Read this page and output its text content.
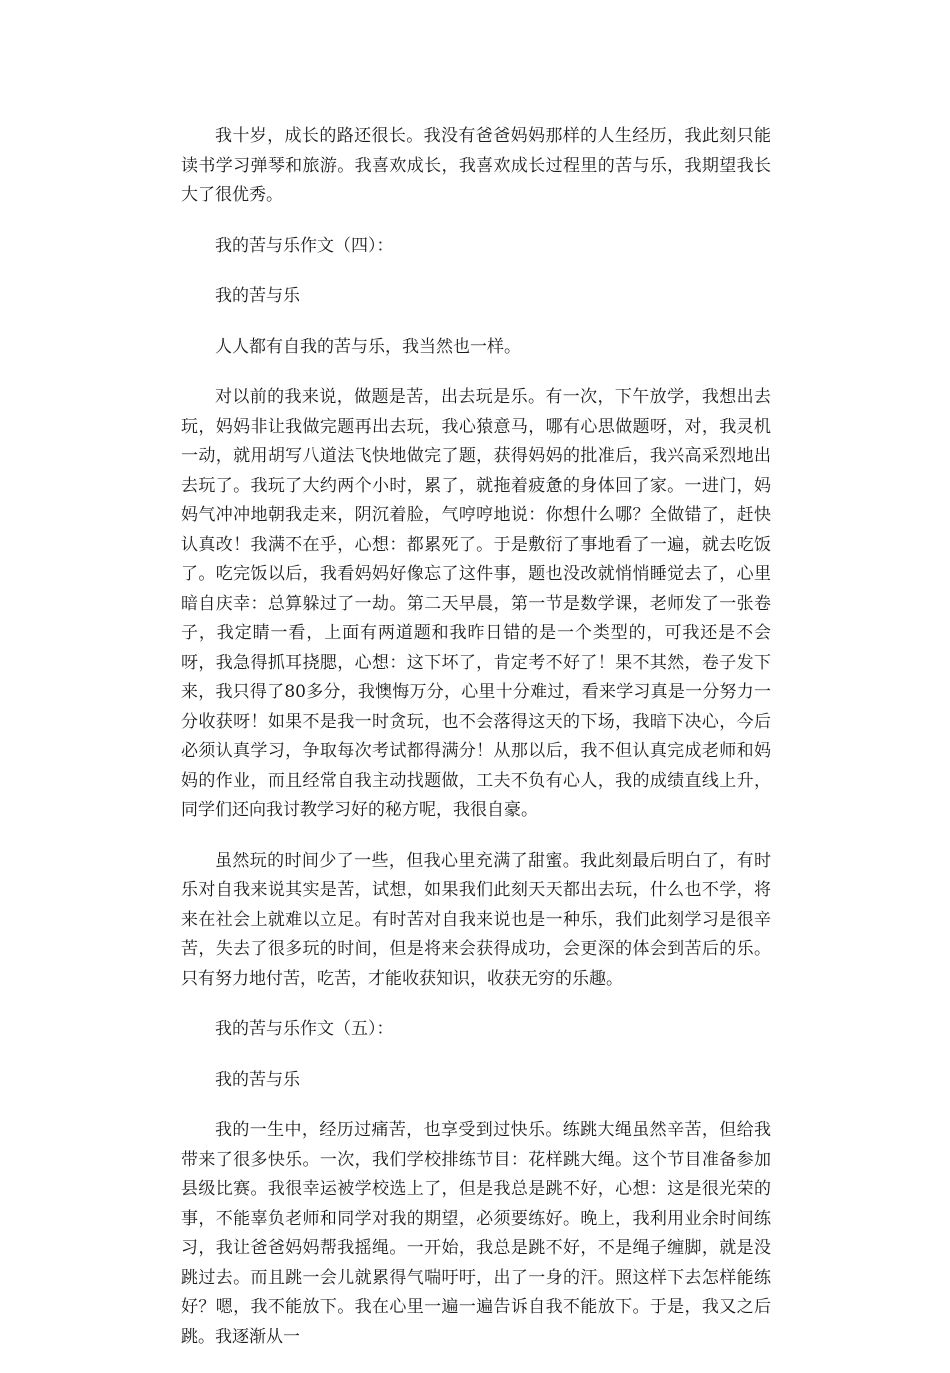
我十岁，成长的路还很长。我没有爸爸妈妈那样的人生经历，我此刻只能读书学习弹琴和旅游。我喜欢成长，我喜欢成长过程里的苦与乐，我期望我长大了很优秀。

我的苦与乐作文（四）：

我的苦与乐

人人都有自我的苦与乐，我当然也一样。

对以前的我来说，做题是苦，出去玩是乐。有一次，下午放学，我想出去玩，妈妈非让我做完题再出去玩，我心猿意马，哪有心思做题呀，对，我灵机一动，就用胡写八道法飞快地做完了题，获得妈妈的批准后，我兴高采烈地出去玩了。我玩了大约两个小时，累了，就拖着疲惫的身体回了家。一进门，妈妈气冲冲地朝我走来，阴沉着脸，气哼哼地说：你想什么哪？全做错了，赶快认真改！我满不在乎，心想：都累死了。于是敷衍了事地看了一遍，就去吃饭了。吃完饭以后，我看妈妈好像忘了这件事，题也没改就悄悄睡觉去了，心里暗自庆幸：总算躲过了一劫。第二天早晨，第一节是数学课，老师发了一张卷子，我定睛一看，上面有两道题和我昨日错的是一个类型的，可我还是不会呀，我急得抓耳挠腮，心想：这下坏了，肯定考不好了！果不其然，卷子发下来，我只得了80多分，我懊悔万分，心里十分难过，看来学习真是一分努力一分收获呀！如果不是我一时贪玩，也不会落得这天的下场，我暗下决心，今后必须认真学习，争取每次考试都得满分！从那以后，我不但认真完成老师和妈妈的作业，而且经常自我主动找题做，工夫不负有心人，我的成绩直线上升，同学们还向我讨教学习好的秘方呢，我很自豪。

虽然玩的时间少了一些，但我心里充满了甜蜜。我此刻最后明白了，有时乐对自我来说其实是苦，试想，如果我们此刻天天都出去玩，什么也不学，将来在社会上就难以立足。有时苦对自我来说也是一种乐，我们此刻学习是很辛苦，失去了很多玩的时间，但是将来会获得成功，会更深的体会到苦后的乐。只有努力地付苦，吃苦，才能收获知识，收获无穷的乐趣。

我的苦与乐作文（五）：

我的苦与乐

我的一生中，经历过痛苦，也享受到过快乐。练跳大绳虽然辛苦，但给我带来了很多快乐。一次，我们学校排练节目：花样跳大绳。这个节目准备参加县级比赛。我很幸运被学校选上了，但是我总是跳不好，心想：这是很光荣的事，不能辜负老师和同学对我的期望，必须要练好。晚上，我利用业余时间练习，我让爸爸妈妈帮我摇绳。一开始，我总是跳不好，不是绳子缠脚，就是没跳过去。而且跳一会儿就累得气喘吁吁，出了一身的汗。照这样下去怎样能练好？嗯，我不能放下。我在心里一遍一遍告诉自我不能放下。于是，我又之后跳。我逐渐从一
